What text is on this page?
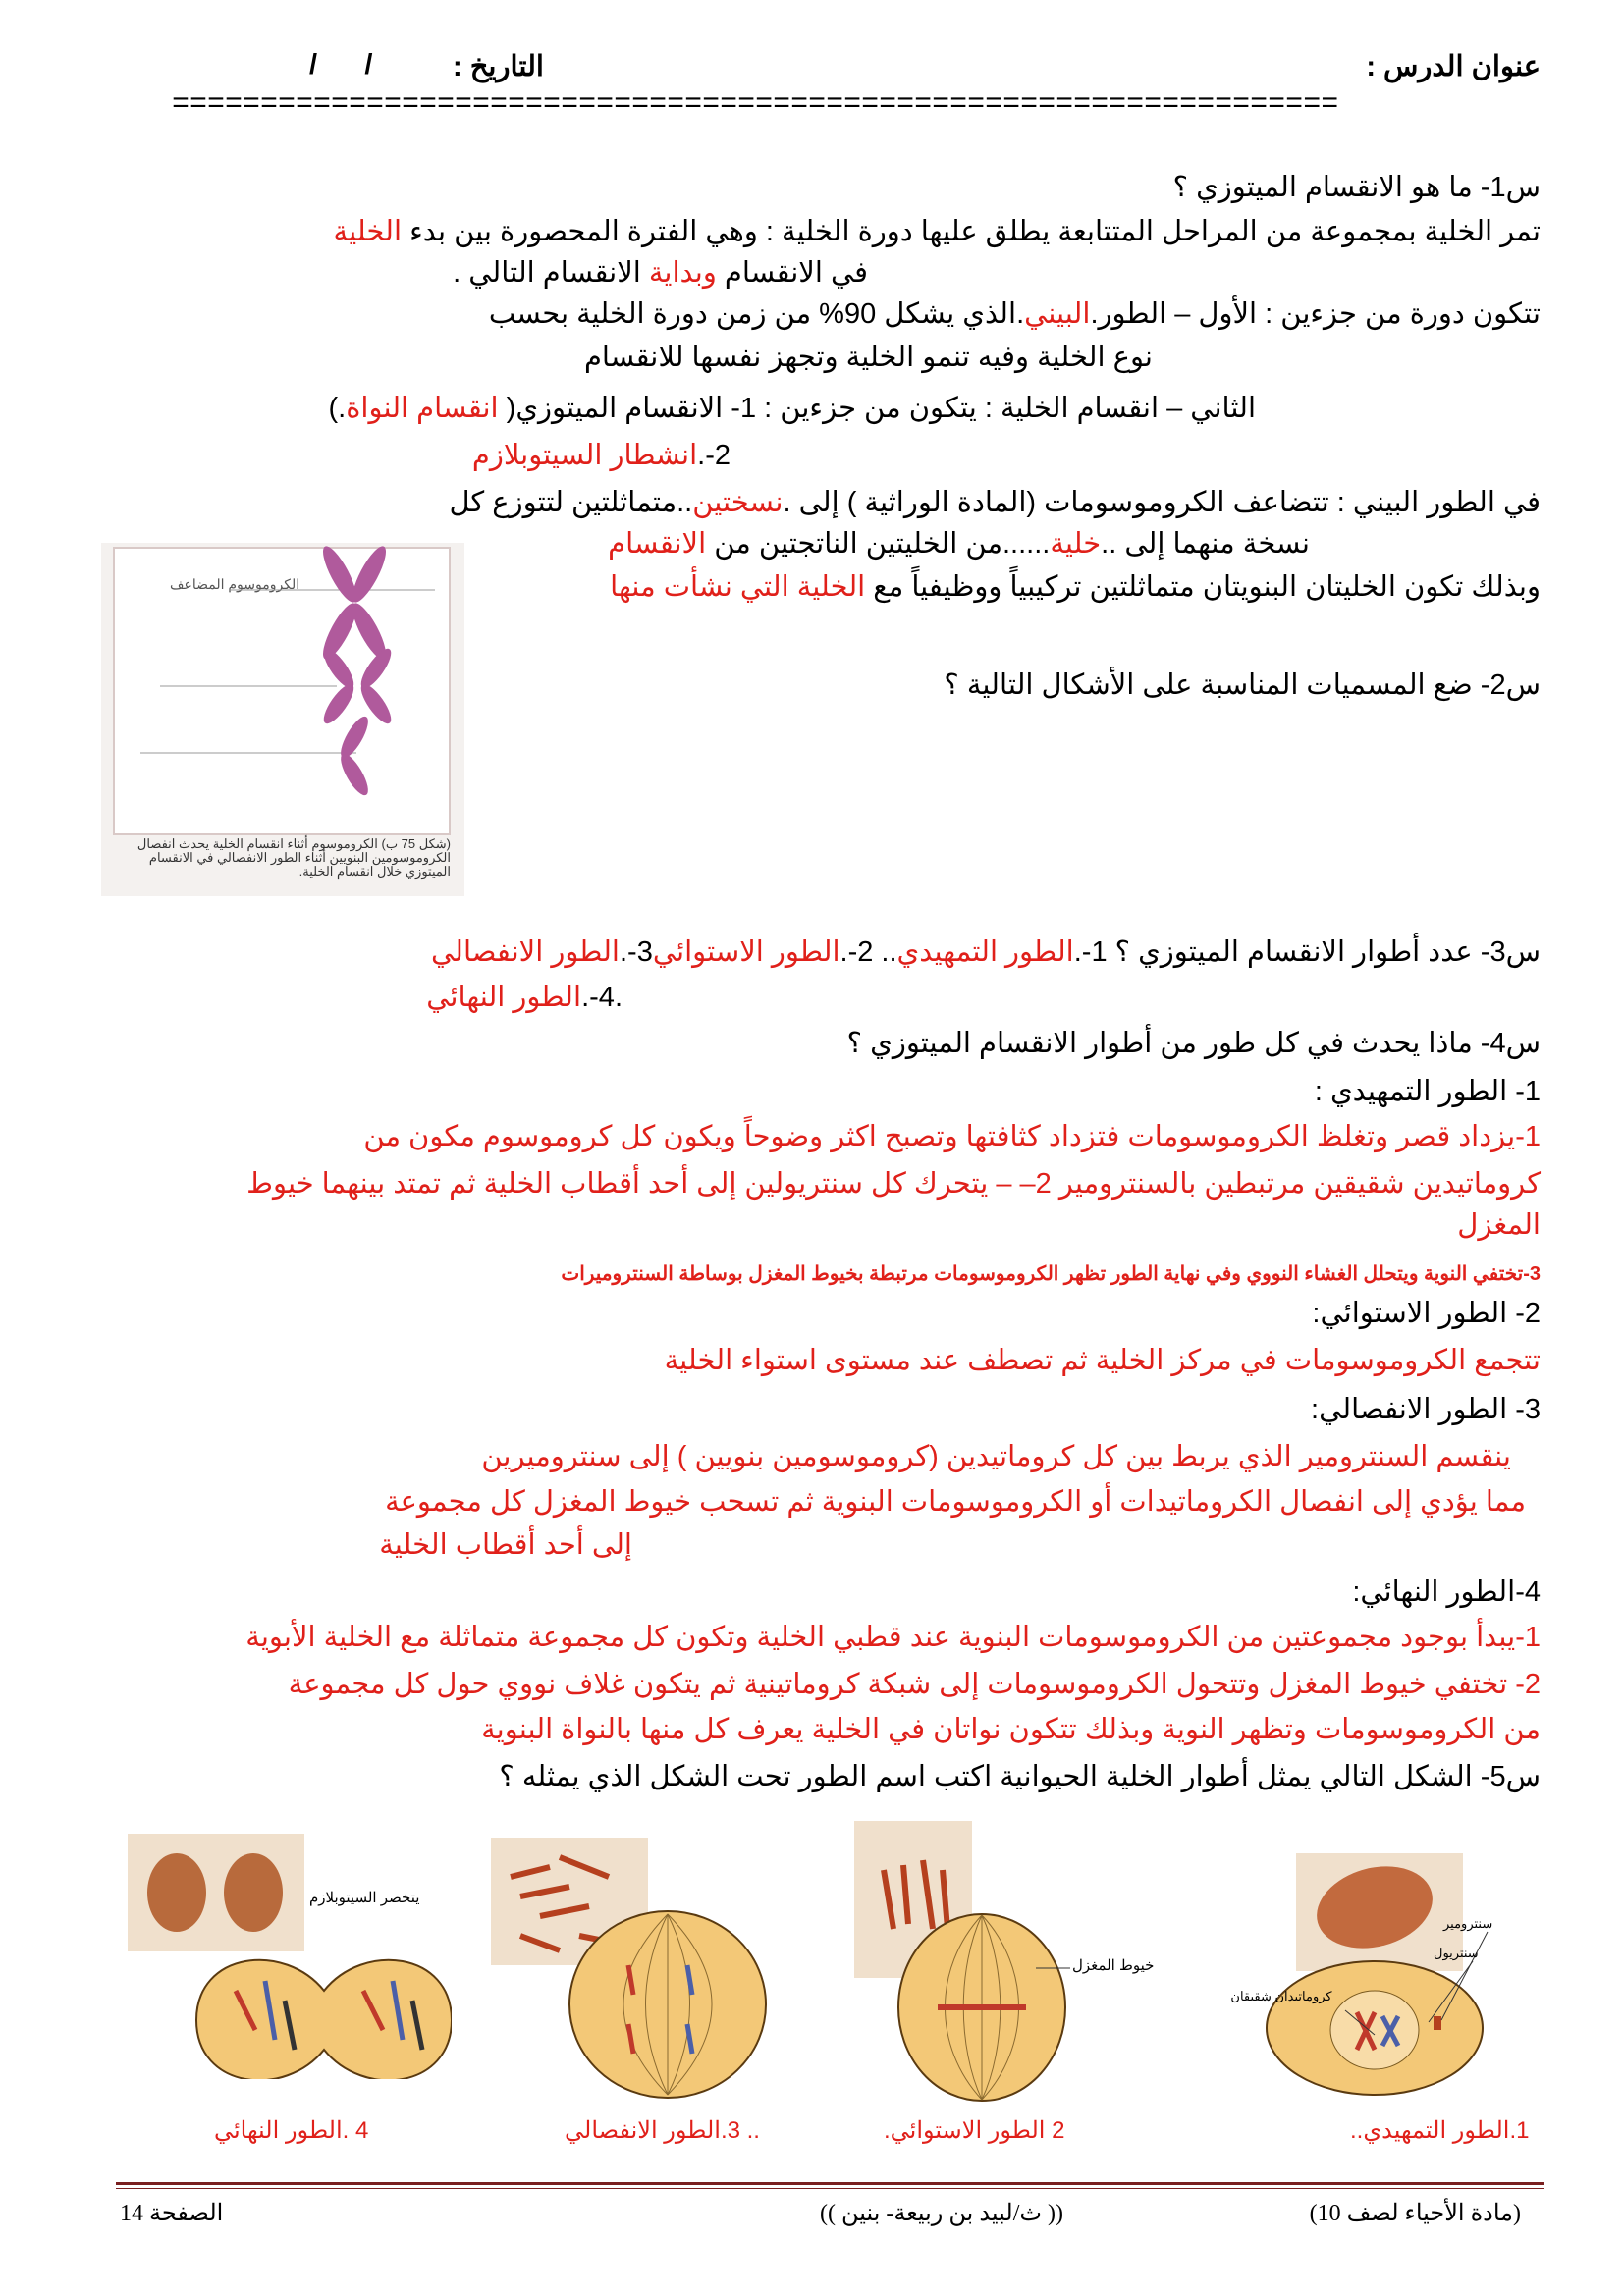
عنوان الدرس :
التاريخ :
/      /
==================================================================
س1- ما هو الانقسام الميتوزي ؟
تمر الخلية بمجموعة من المراحل المتتابعة يطلق عليها دورة الخلية : وهي الفترة المحصورة بين بدء الخلية
في الانقسام وبداية الانقسام التالي .
تتكون دورة من جزءين : الأول – الطور.البيني.الذي يشكل 90% من زمن دورة الخلية بحسب
نوع الخلية وفيه تنمو الخلية وتجهز نفسها للانقسام
الثاني – انقسام الخلية : يتكون من جزءين : 1- الانقسام الميتوزي( انقسام النواة.)
2-.انشطار السيتوبلازم
في الطور البيني : تتضاعف الكروموسومات (المادة الوراثية ) إلى .نسختين..متماثلتين لتتوزع كل
نسخة منهما إلى ..خلية......من الخليتين الناتجتين من الانقسام
وبذلك تكون الخليتان البنويتان متماثلتين تركيبياً ووظيفياً مع الخلية التي نشأت منها
الكروموسوم المضاعف
(شكل 75 ب) الكروموسوم أثناء انقسام الخلية يحدث انفصال الكروموسومين البنويين أثناء الطور الانفصالي في الانقسام الميتوزي خلال انقسام الخلية.
س2- ضع المسميات المناسبة على الأشكال التالية ؟
س3- عدد أطوار الانقسام الميتوزي ؟ 1-.الطور التمهيدي.. 2-.الطور الاستوائي3-.الطور الانفصالي
.4-.الطور النهائي
س4- ماذا يحدث في كل طور من أطوار الانقسام الميتوزي ؟
1- الطور التمهيدي :
1-يزداد قصر وتغلظ الكروموسومات فتزداد كثافتها وتصبح اكثر وضوحاً ويكون كل كروموسوم مكون من
كروماتيدين شقيقين مرتبطين بالسنترومير 2– – يتحرك كل سنتريولين إلى أحد أقطاب الخلية ثم تمتد بينهما خيوط
المغزل
3-تختفي النوية ويتحلل الغشاء النووي وفي نهاية الطور تظهر الكروموسومات مرتبطة بخيوط المغزل بوساطة السنتروميرات
2- الطور الاستوائي:
تتجمع الكروموسومات في مركز الخلية ثم تصطف عند مستوى استواء الخلية
3- الطور الانفصالي:
ينقسم السنترومير الذي يربط بين كل كروماتيدين (كروموسومين بنويين ) إلى سنتروميرين
مما يؤدي إلى انفصال الكروماتيدات أو الكروموسومات البنوية ثم تسحب خيوط المغزل كل مجموعة
إلى أحد أقطاب الخلية
4-الطور النهائي:
1-يبدأ بوجود مجموعتين من الكروموسومات البنوية عند قطبي الخلية وتكون كل مجموعة متماثلة مع الخلية الأبوية
2- تختفي خيوط المغزل وتتحول الكروموسومات إلى شبكة كروماتينية ثم يتكون غلاف نووي حول كل مجموعة
من الكروموسومات وتظهر النوية وبذلك تتكون نواتان في الخلية يعرف كل منها بالنواة البنوية
س5- الشكل التالي يمثل أطوار الخلية الحيوانية اكتب اسم الطور تحت الشكل الذي يمثله ؟
يتخصر السيتوبلازم
خيوط المغزل
سنترومير
سنتريول
كروماتيدان شقيقان
4 .الطور النهائي	.. 3.الطور الانفصالي	2 الطور الاستوائي.	1.الطور التمهيدي..
(مادة الأحياء لصف 10)
(( ث/لبيد بن ربيعة- بنين ))
الصفحة 14
